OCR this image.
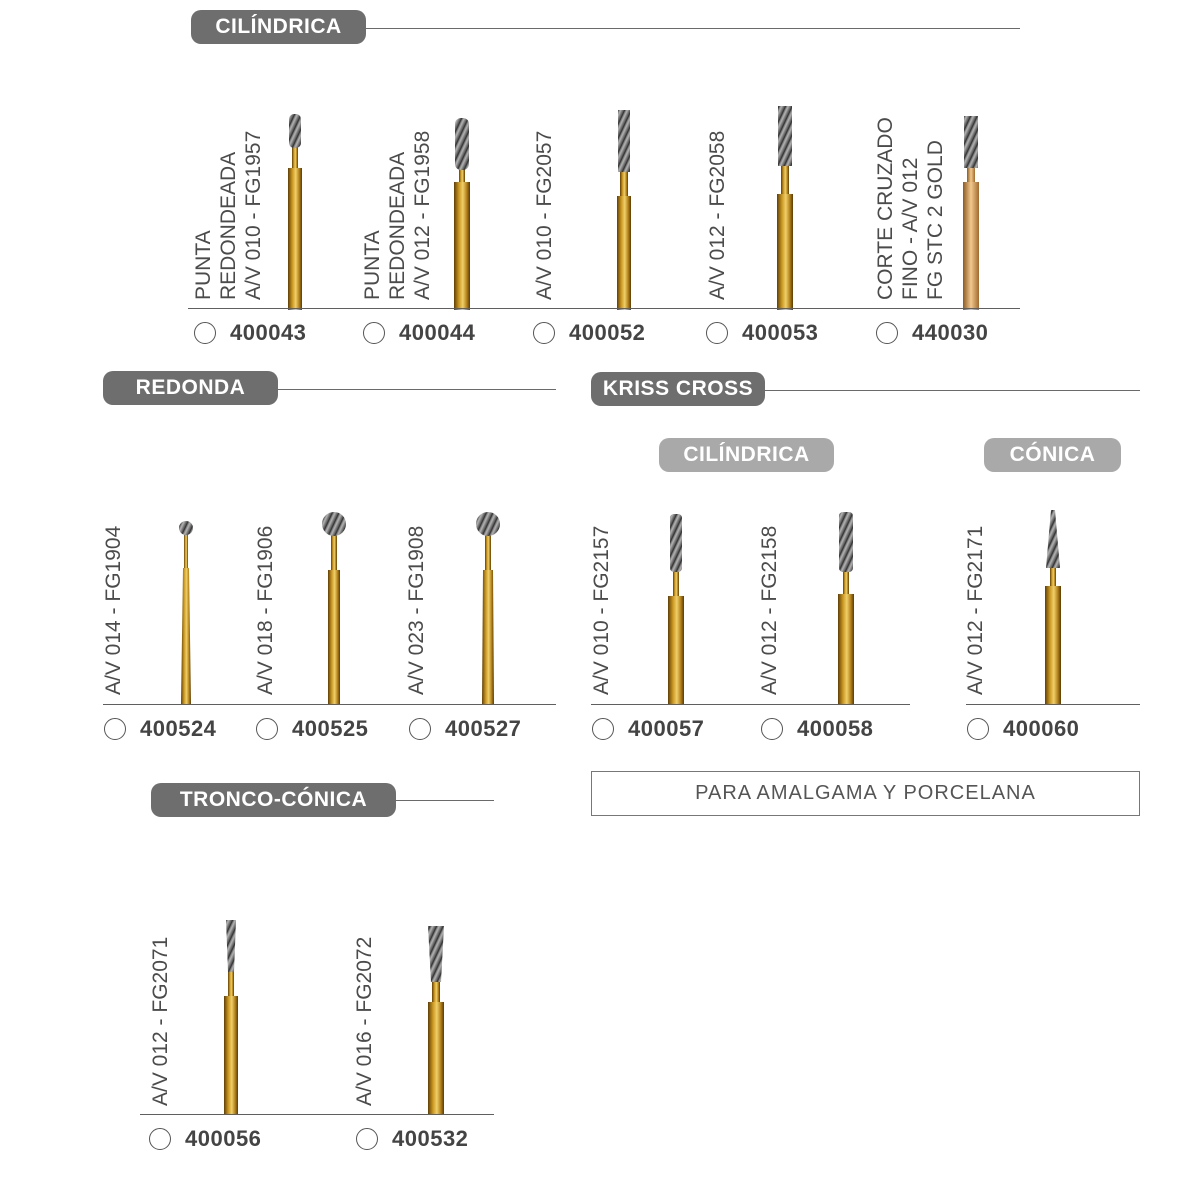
CILÍNDRICA
PUNTA REDONDEADA A/V 010 - FG1957
400043
PUNTA REDONDEADA A/V 012 - FG1958
400044
A/V 010 - FG2057
400052
A/V 012 - FG2058
400053
CORTE CRUZADO FINO - A/V 012 FG STC 2 GOLD
440030
REDONDA
A/V 014 - FG1904
400524
A/V 018 - FG1906
400525
A/V 023 - FG1908
400527
KRISS CROSS
CILÍNDRICA	CÓNICA
A/V 010 - FG2157
400057
A/V 012 - FG2158
400058
A/V 012 - FG2171
400060
PARA AMALGAMA Y PORCELANA
TRONCO-CÓNICA
A/V 012 - FG2071
400056
A/V 016 - FG2072
400532
